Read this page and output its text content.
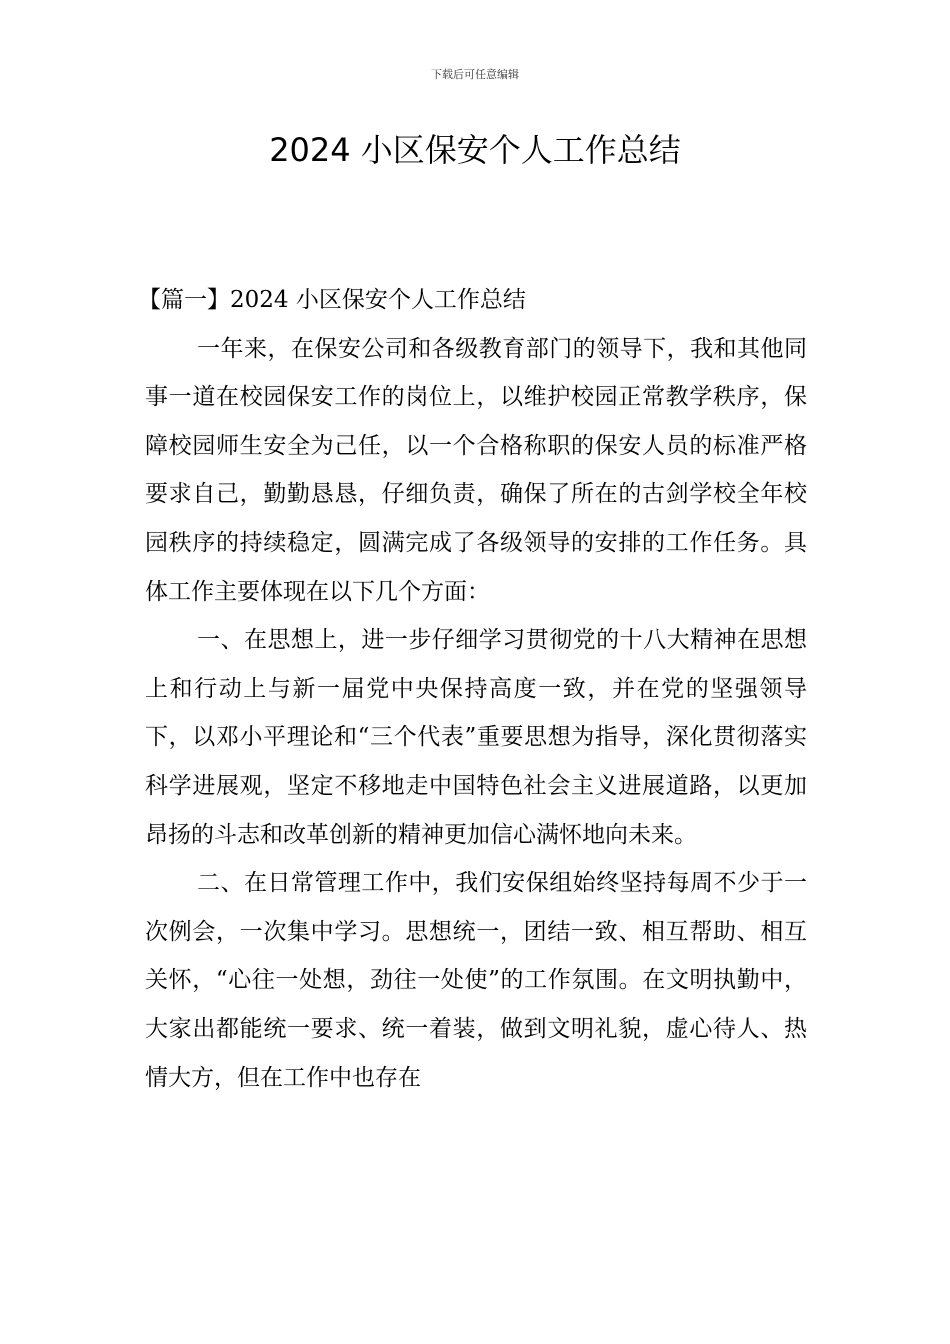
下载后可任意编辑
2024 小区保安个人工作总结

【篇一】2024 小区保安个人工作总结

一年来，在保安公司和各级教育部门的领导下，我和其他同事一道在校园保安工作的岗位上，以维护校园正常教学秩序，保障校园师生安全为己任，以一个合格称职的保安人员的标准严格要求自己，勤勤恳恳，仔细负责，确保了所在的古剑学校全年校园秩序的持续稳定，圆满完成了各级领导的安排的工作任务。具体工作主要体现在以下几个方面：

一、在思想上，进一步仔细学习贯彻党的十八大精神在思想上和行动上与新一届党中央保持高度一致，并在党的坚强领导下，以邓小平理论和“三个代表”重要思想为指导，深化贯彻落实科学进展观，坚定不移地走中国特色社会主义进展道路，以更加昂扬的斗志和改革创新的精神更加信心满怀地向未来。

二、在日常管理工作中，我们安保组始终坚持每周不少于一次例会，一次集中学习。思想统一，团结一致、相互帮助、相互关怀，“心往一处想，劲往一处使”的工作氛围。在文明执勤中，大家出都能统一要求、统一着装，做到文明礼貌，虚心待人、热情大方，但在工作中也存在
